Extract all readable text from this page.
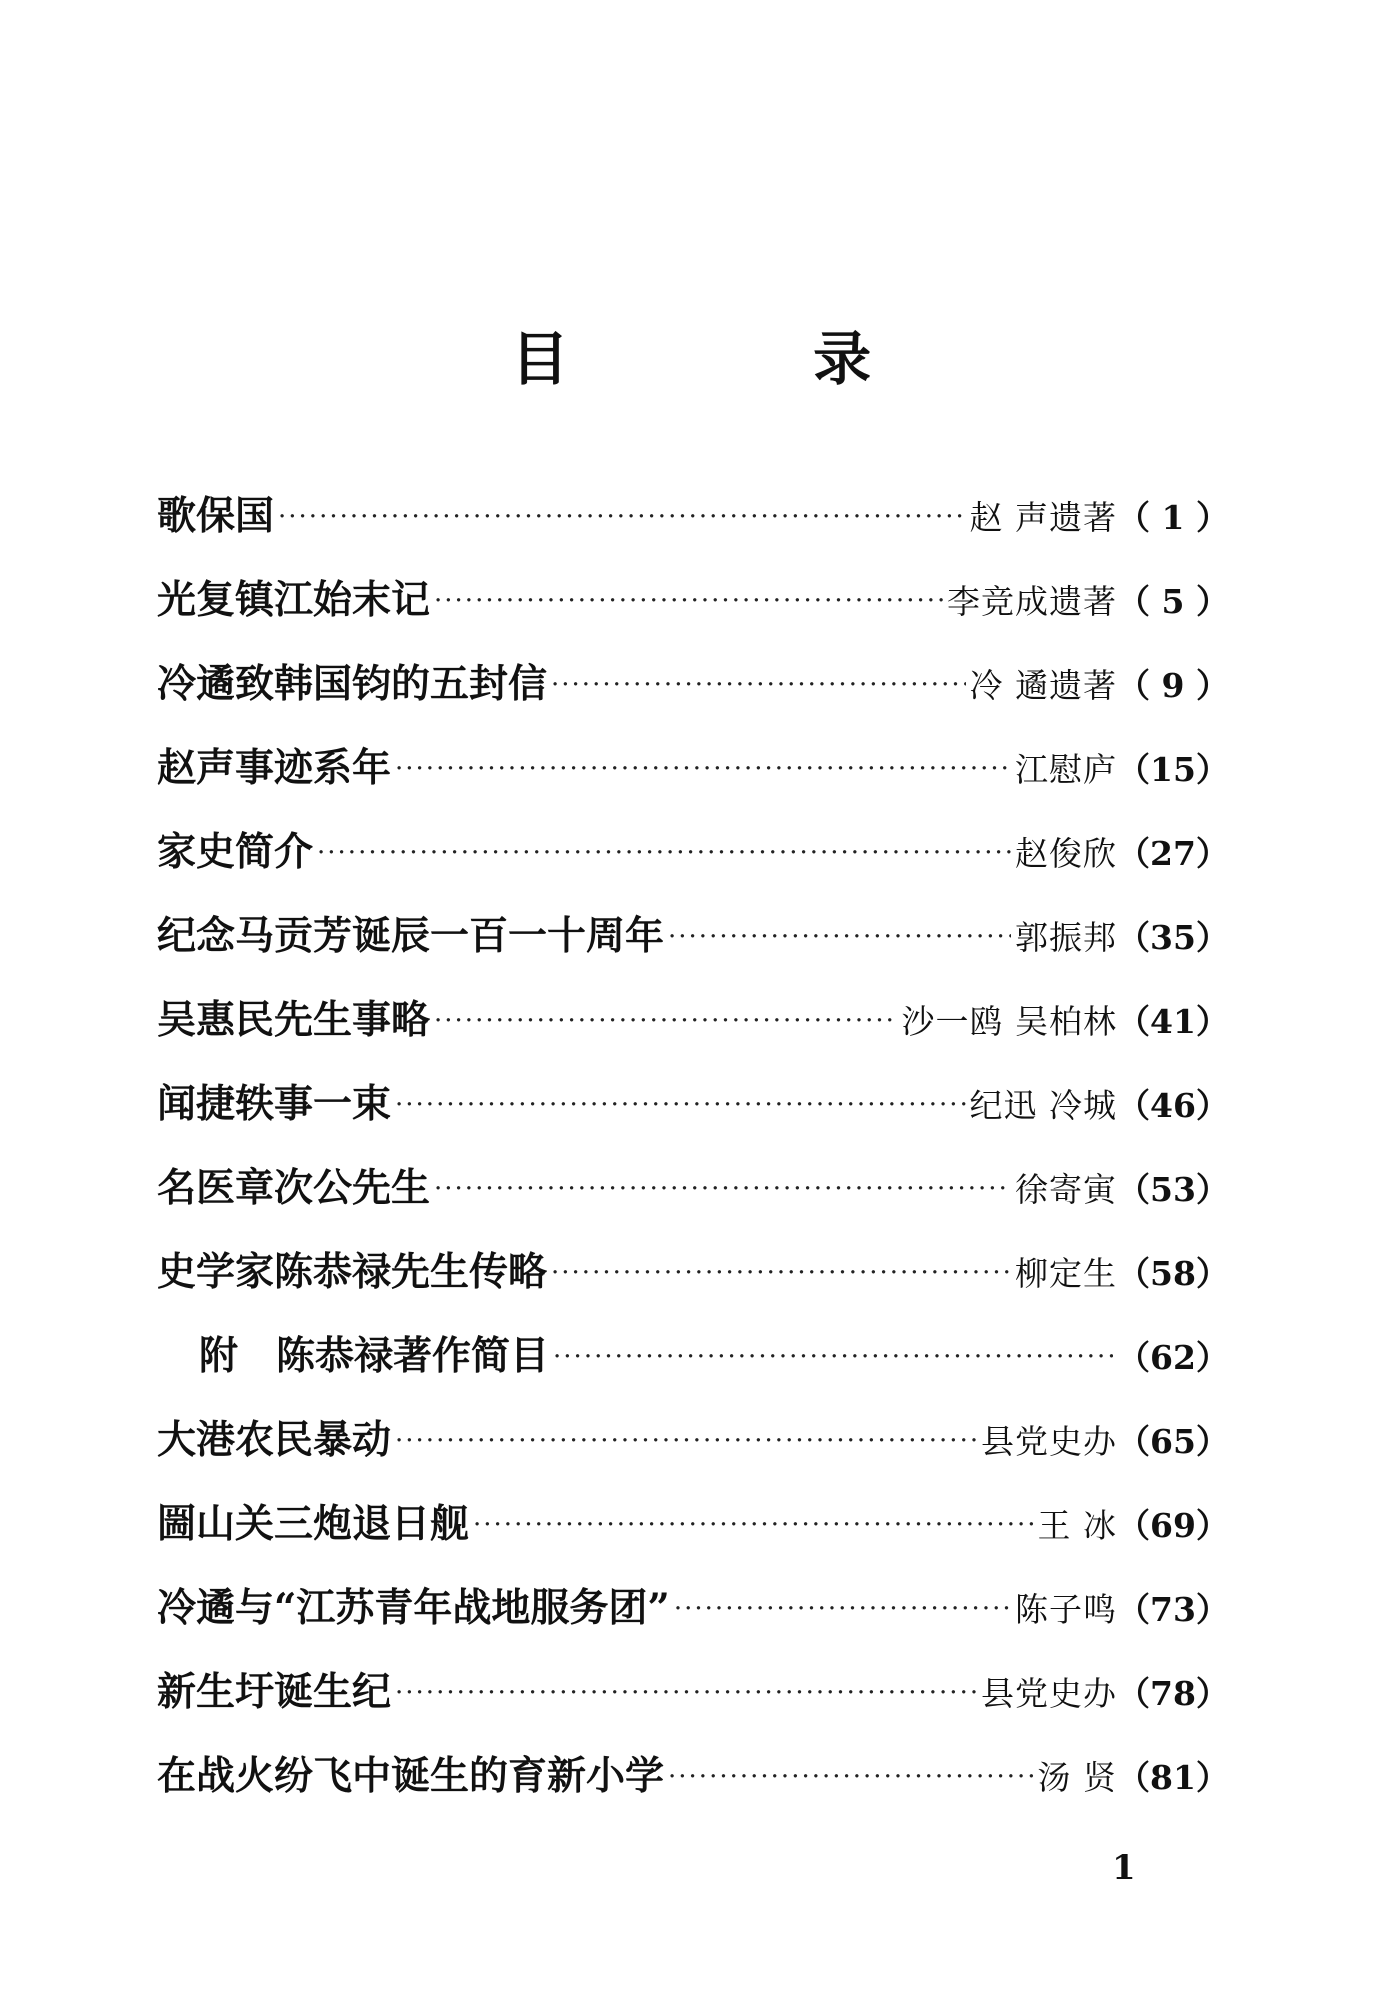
目 录
歌保国 ·····	赵 声遗著 （ 1 ）
光复镇江始末记 ·····	李竞成遗著 （ 5 ）
冷遹致韩国钧的五封信 ·····	冷 遹遗著 （ 9 ）
赵声事迹系年 ·····	江慰庐 （15）
家史简介 ·····	赵俊欣 （27）
纪念马贡芳诞辰一百一十周年 ·····	郭振邦 （35）
吴惠民先生事略 ·····	沙一鸥 吴柏林 （41）
闻捷轶事一束 ·····	纪迅 冷城 （46）
名医章次公先生 ·····	徐寄寅 （53）
史学家陈恭禄先生传略 ·····	柳定生 （58）
附 陈恭禄著作简目 ·····	（62）
大港农民暴动 ·····	县党史办 （65）
圌山关三炮退日舰 ·····	王 冰 （69）
冷遹与“江苏青年战地服务团” ·····	陈子鸣 （73）
新生圩诞生纪 ·····	县党史办 （78）
在战火纷飞中诞生的育新小学 ·····	汤 贤 （81）
1
